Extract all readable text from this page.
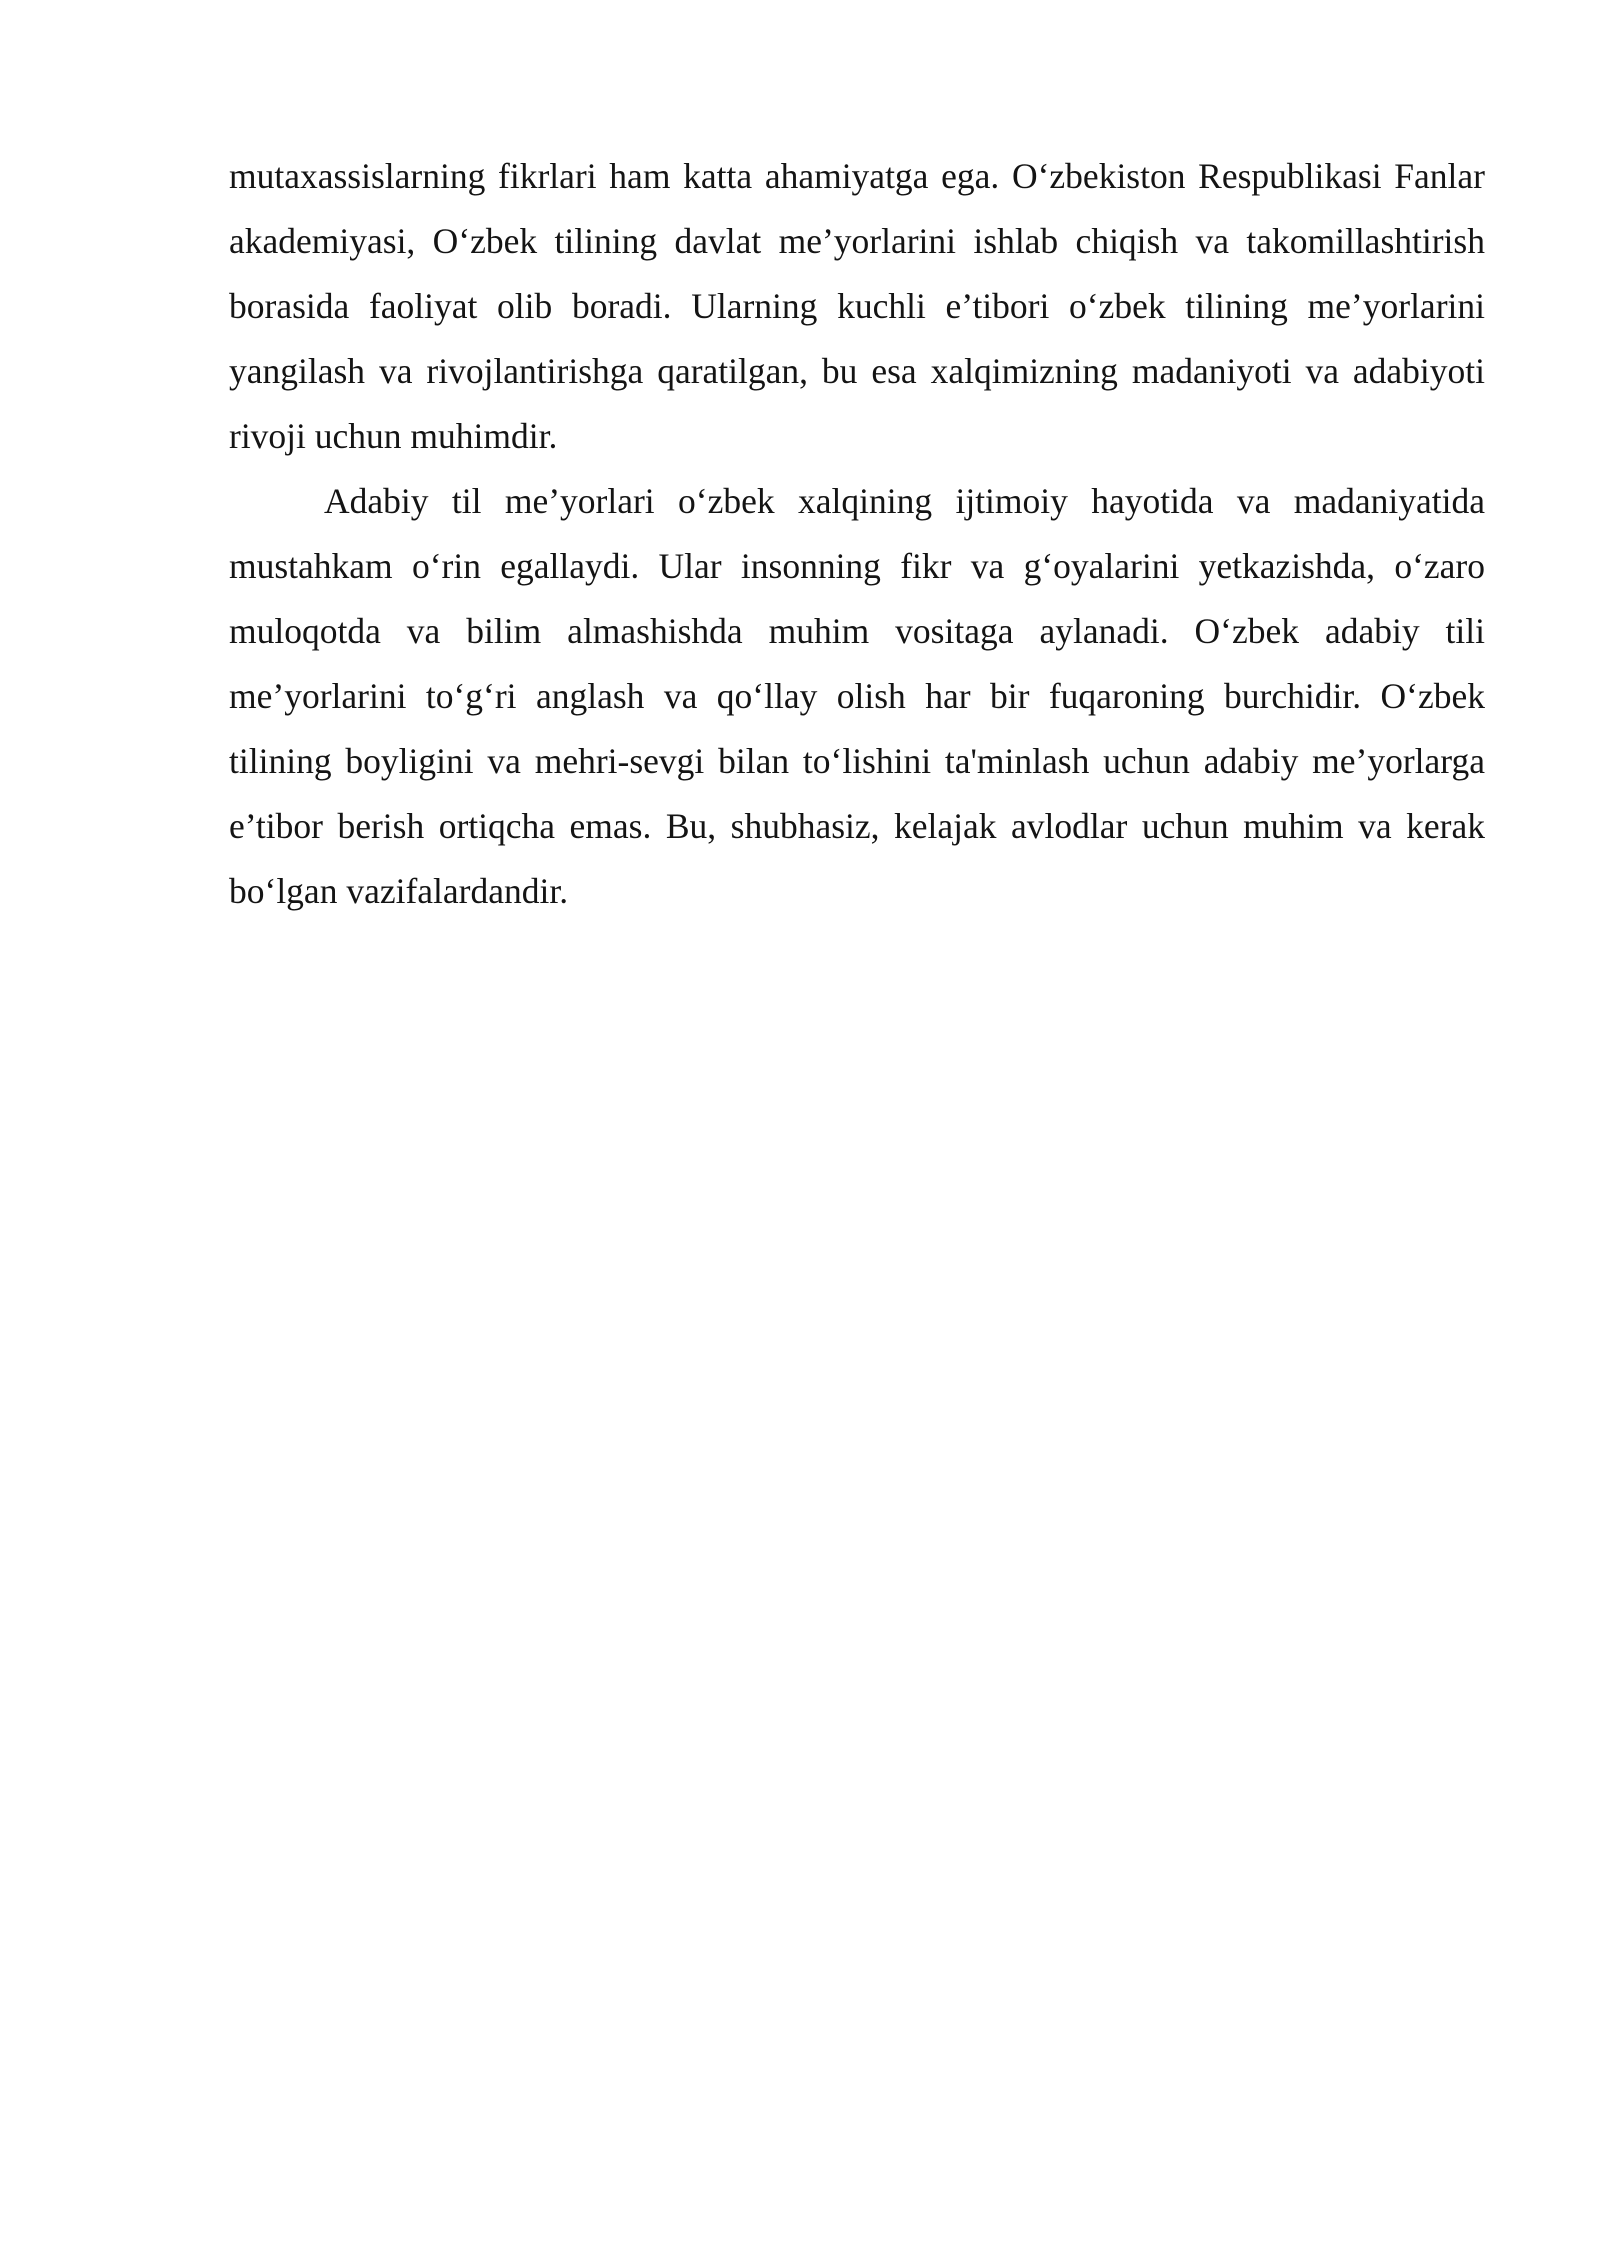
mutaxassislarning fikrlari ham katta ahamiyatga ega. O‘zbekiston Respublikasi Fanlar akademiyasi, O‘zbek tilining davlat me’yorlarini ishlab chiqish va takomillashtirish borasida faoliyat olib boradi. Ularning kuchli e’tibori o‘zbek tilining me’yorlarini yangilash va rivojlantirishga qaratilgan, bu esa xalqimizning madaniyoti va adabiyoti rivoji uchun muhimdir.

Adabiy til me’yorlari o‘zbek xalqining ijtimoiy hayotida va madaniyatida mustahkam o‘rin egallaydi. Ular insonning fikr va g‘oyalarini yetkazishda, o‘zaro muloqotda va bilim almashishda muhim vositaga aylanadi. O‘zbek adabiy tili me’yorlarini to‘g‘ri anglash va qo‘llay olish har bir fuqaroning burchidir. O‘zbek tilining boyligini va mehri-sevgi bilan to‘lishini ta'minlash uchun adabiy me’yorlarga e’tibor berish ortiqcha emas. Bu, shubhasiz, kelajak avlodlar uchun muhim va kerak bo‘lgan vazifalardandir.
